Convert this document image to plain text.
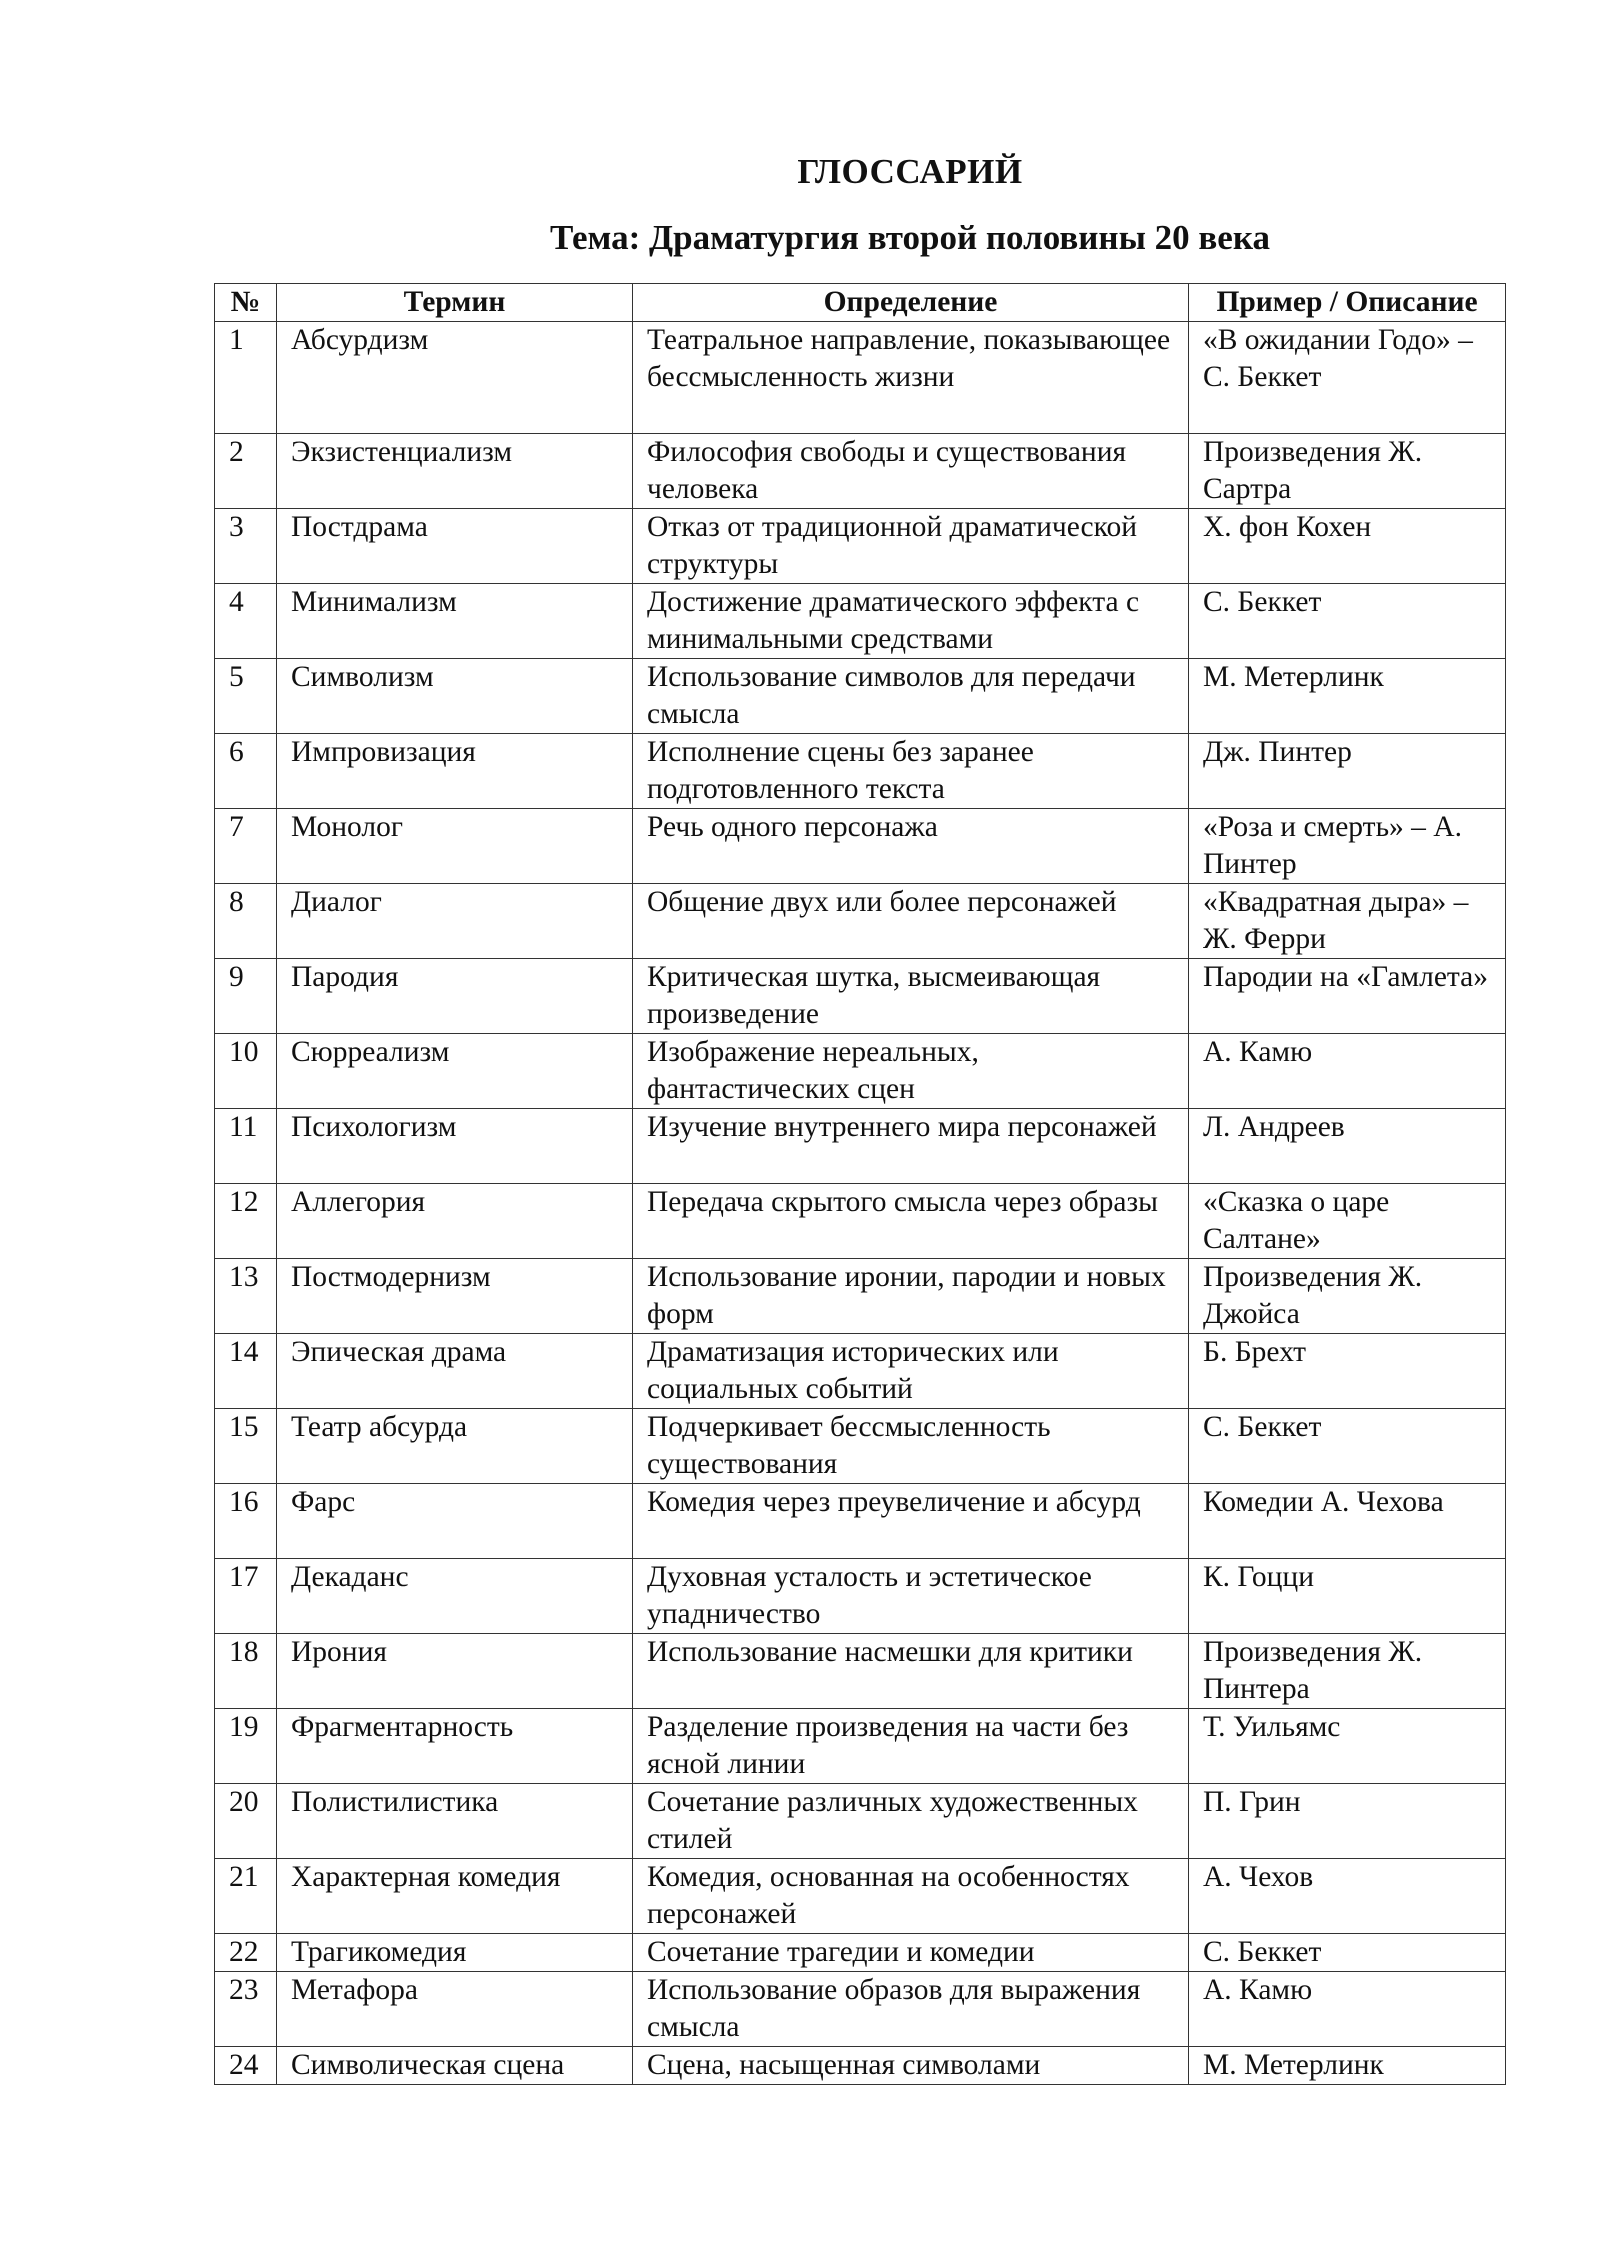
ГЛОССАРИЙ
Тема: Драматургия второй половины 20 века
№	Термин	Определение	Пример / Описание
1	Абсурдизм	Театральное направление, показывающее бессмысленность жизни	«В ожидании Годо» – С. Беккет
2	Экзистенциализм	Философия свободы и существования человека	Произведения Ж. Сартра
3	Постдрама	Отказ от традиционной драматической структуры	Х. фон Кохен
4	Минимализм	Достижение драматического эффекта с минимальными средствами	С. Беккет
5	Символизм	Использование символов для передачи смысла	М. Метерлинк
6	Импровизация	Исполнение сцены без заранее подготовленного текста	Дж. Пинтер
7	Монолог	Речь одного персонажа	«Роза и смерть» – А. Пинтер
8	Диалог	Общение двух или более персонажей	«Квадратная дыра» – Ж. Ферри
9	Пародия	Критическая шутка, высмеивающая произведение	Пародии на «Гамлета»
10	Сюрреализм	Изображение нереальных, фантастических сцен	А. Камю
11	Психологизм	Изучение внутреннего мира персонажей	Л. Андреев
12	Аллегория	Передача скрытого смысла через образы	«Сказка о царе Салтане»
13	Постмодернизм	Использование иронии, пародии и новых форм	Произведения Ж. Джойса
14	Эпическая драма	Драматизация исторических или социальных событий	Б. Брехт
15	Театр абсурда	Подчеркивает бессмысленность существования	С. Беккет
16	Фарс	Комедия через преувеличение и абсурд	Комедии А. Чехова
17	Декаданс	Духовная усталость и эстетическое упадничество	К. Гоцци
18	Ирония	Использование насмешки для критики	Произведения Ж. Пинтера
19	Фрагментарность	Разделение произведения на части без ясной линии	Т. Уильямс
20	Полистилистика	Сочетание различных художественных стилей	П. Грин
21	Характерная комедия	Комедия, основанная на особенностях персонажей	А. Чехов
22	Трагикомедия	Сочетание трагедии и комедии	С. Беккет
23	Метафора	Использование образов для выражения смысла	А. Камю
24	Символическая сцена	Сцена, насыщенная символами	М. Метерлинк
